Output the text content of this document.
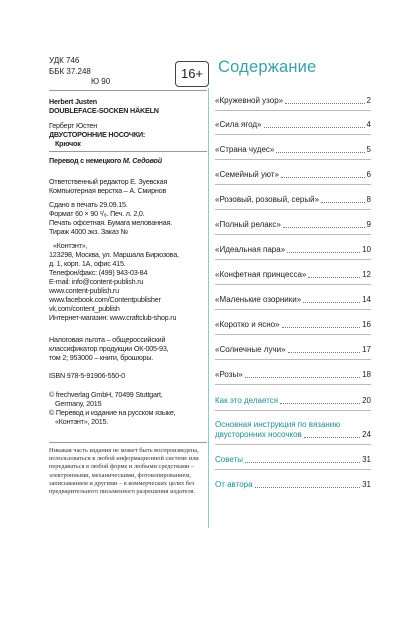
УДК 746
ББК 37.248
Ю 90
16+
Herbert Justen
DOUBLEFACE-SOCKEN HÄKELN
Герберт Юстен
ДВУСТОРОННИЕ НОСОЧКИ:
Крючок
Перевод с немецкого М. Седовой
Ответственный редактор Е. Зуевская
Компьютерная верстка – А. Смирнов
Сдано в печать 29.09.15.
Формат 60 × 90 ¹/₈. Печ. л. 2,0.
Печать офсетная. Бумага мелованная.
Тираж 4000 экз. Заказ №
«Контэнт»,
123298, Москва, ул. Маршала Бирюзова,
д. 1, корп. 1А, офис 415.
Телефон/факс: (499) 943-03-84
E-mail: info@content-publish.ru
www.content-publish.ru
www.facebook.com/Contentpublisher
vk.com/content_publish
Интернет-магазин: www.craftclub-shop.ru
Налоговая льгота – общероссийский
классификатор продукции ОК-005-93,
том 2; 953000 – книги, брошюры.
ISBN 978-5-91906-550-0
© frechverlag GmbH, 70499 Stuttgart,
Germany, 2015
© Перевод и издание на русском языке,
«Контэнт», 2015.
Никакая часть издания не может быть воспроизведена,
использоваться в любой информационной системе или
передаваться в любой форме и любыми средствами –
электронными, механическими, фотокопированием,
записыванием и другими – в коммерческих целях без
предварительного письменного разрешения издателя.
Содержание
«Кружевной узор»	2
«Сила ягод»	4
«Страна чудес»	5
«Семейный уют»	6
«Розовый, розовый, серый»	8
«Полный релакс»	9
«Идеальная пара»	10
«Конфетная принцесса»	12
«Маленькие озорники»	14
«Коротко и ясно»	16
«Солнечные лучи»	17
«Розы»	18
Как это делается	20
Основная инструкция по вязанию
двусторонних носочков	24
Советы	31
От автора	31
